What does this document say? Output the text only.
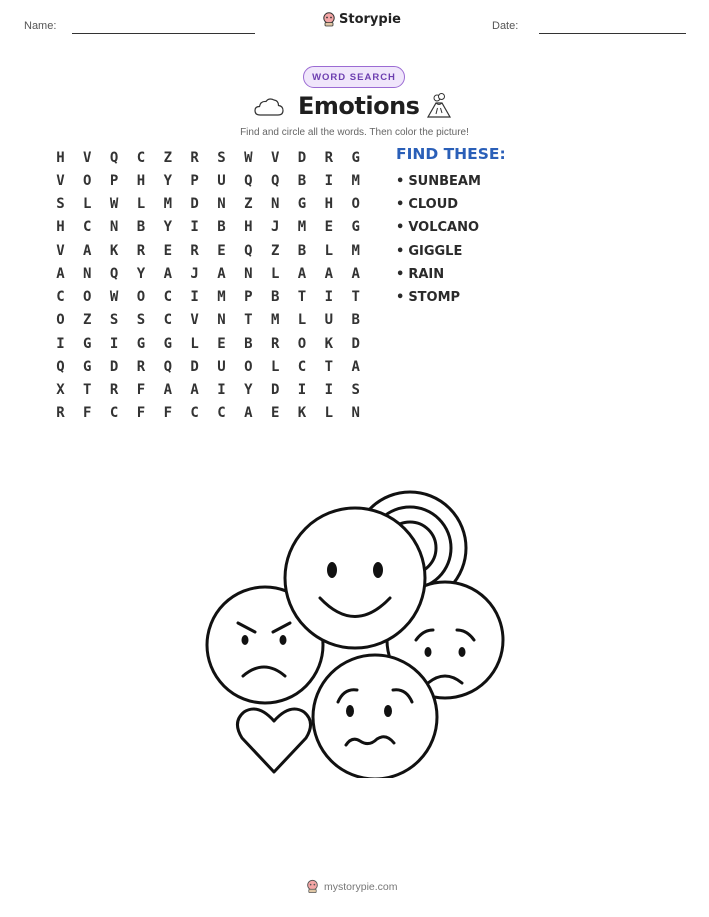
Name:	Storypie	Date:
WORD SEARCH
Emotions
Find and circle all the words. Then color the picture!
H	V	Q	C	Z	R	S	W	V	D	R	G
V	O	P	H	Y	P	U	Q	Q	B	I	M
S	L	W	L	M	D	N	Z	N	G	H	O
H	C	N	B	Y	I	B	H	J	M	E	G
V	A	K	R	E	R	E	Q	Z	B	L	M
A	N	Q	Y	A	J	A	N	L	A	A	A
C	O	W	O	C	I	M	P	B	T	I	T
O	Z	S	S	C	V	N	T	M	L	U	B
I	G	I	G	G	L	E	B	R	O	K	D
Q	G	D	R	Q	D	U	O	L	C	T	A
X	T	R	F	A	A	I	Y	D	I	I	S
R	F	C	F	F	C	C	A	E	K	L	N
FIND THESE:
• SUNBEAM
• CLOUD
• VOLCANO
• GIGGLE
• RAIN
• STOMP
mystorypie.com
